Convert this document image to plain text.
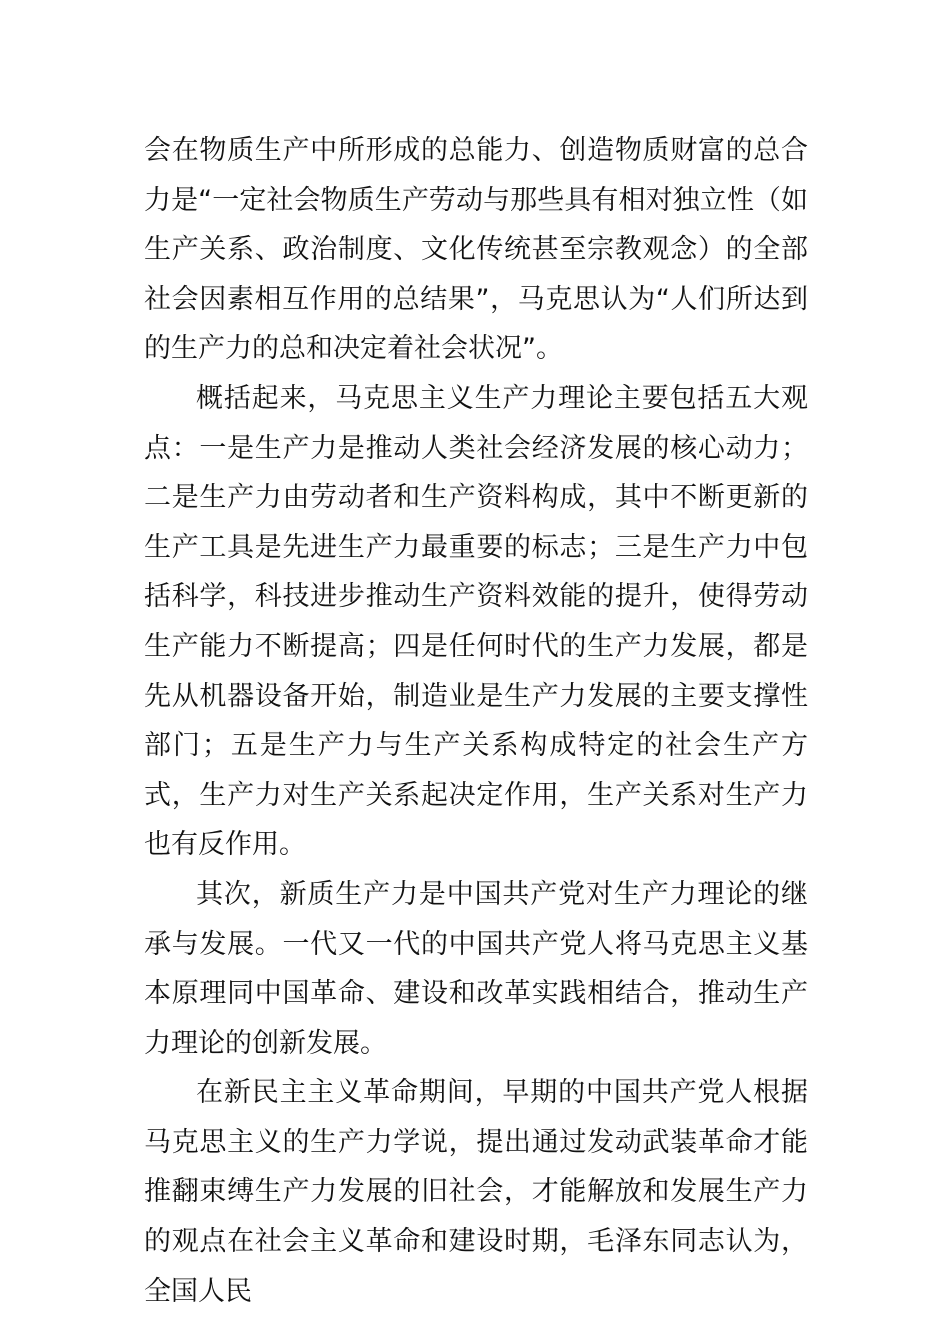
会在物质生产中所形成的总能力、创造物质财富的总合力是“一定社会物质生产劳动与那些具有相对独立性（如生产关系、政治制度、文化传统甚至宗教观念）的全部社会因素相互作用的总结果”，马克思认为“人们所达到的生产力的总和决定着社会状况”。

概括起来，马克思主义生产力理论主要包括五大观点：一是生产力是推动人类社会经济发展的核心动力；二是生产力由劳动者和生产资料构成，其中不断更新的生产工具是先进生产力最重要的标志；三是生产力中包括科学，科技进步推动生产资料效能的提升，使得劳动生产能力不断提高；四是任何时代的生产力发展，都是先从机器设备开始，制造业是生产力发展的主要支撑性部门；五是生产力与生产关系构成特定的社会生产方式，生产力对生产关系起决定作用，生产关系对生产力也有反作用。

其次，新质生产力是中国共产党对生产力理论的继承与发展。一代又一代的中国共产党人将马克思主义基本原理同中国革命、建设和改革实践相结合，推动生产力理论的创新发展。

在新民主主义革命期间，早期的中国共产党人根据马克思主义的生产力学说，提出通过发动武装革命才能推翻束缚生产力发展的旧社会，才能解放和发展生产力的观点在社会主义革命和建设时期，毛泽东同志认为，全国人民
